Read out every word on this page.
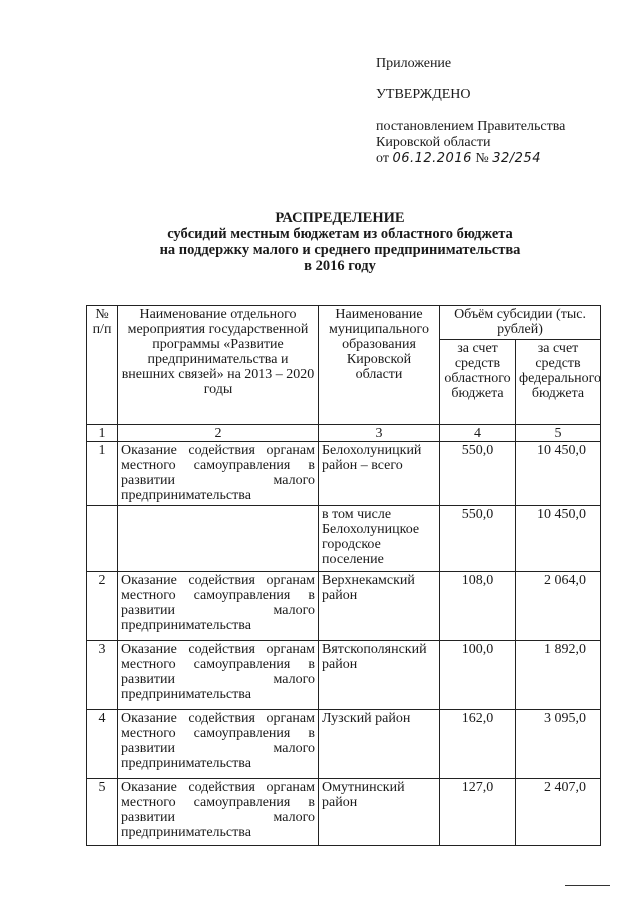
Приложение
УТВЕРЖДЕНО
постановлением Правительства
Кировской области
от 06.12.2016 № 32/254
РАСПРЕДЕЛЕНИЕ
субсидий местным бюджетам из областного бюджета
на поддержку малого и среднего предпринимательства
в 2016 году
№ п/п	Наименование отдельного мероприятия государственной программы «Развитие предпринимательства и внешних связей» на 2013 – 2020 годы	Наименование муниципального образования Кировской области	Объём субсидии (тыс. рублей)	
			за счет средств областного бюджета	за счет средств федерального бюджета
1	2	3	4	5
1	Оказание содействия органам местного самоуправления в развитии малого предпринимательства	Белохолуницкий район – всего	550,0	10 450,0
		в том числе Белохолуницкое городское поселение	550,0	10 450,0
2	Оказание содействия органам местного самоуправления в развитии малого предпринимательства	Верхнекамский район	108,0	2 064,0
3	Оказание содействия органам местного самоуправления в развитии малого предпринимательства	Вятскополянский район	100,0	1 892,0
4	Оказание содействия органам местного самоуправления в развитии малого предпринимательства	Лузский район	162,0	3 095,0
5	Оказание содействия органам местного самоуправления в развитии малого предпринимательства	Омутнинский район	127,0	2 407,0
